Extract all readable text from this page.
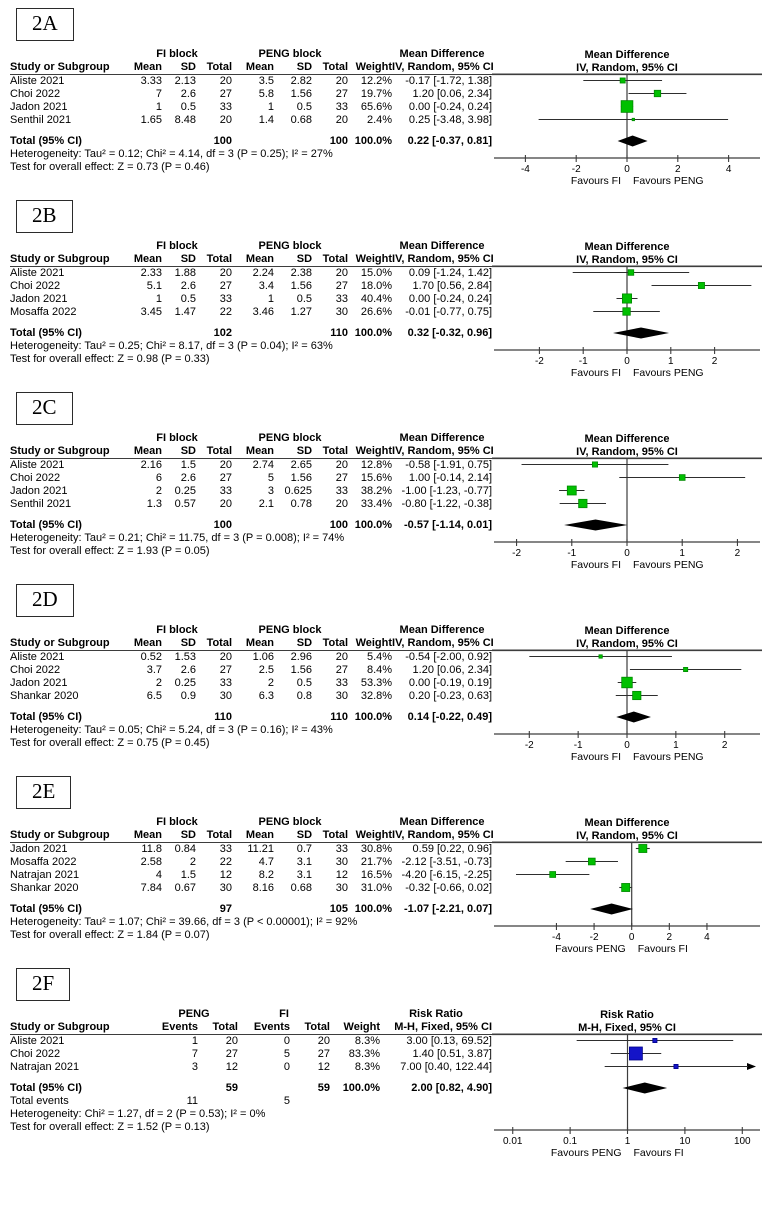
2A
	FI block			PENG block				Mean Difference
Study or Subgroup	Mean	SD	Total	Mean	SD	Total	Weight	IV, Random, 95% CI
Aliste 2021	3.33	2.13	20	3.5	2.82	20	12.2%	-0.17 [-1.72, 1.38]
Choi 2022	7	2.6	27	5.8	1.56	27	19.7%	1.20 [0.06, 2.34]
Jadon 2021	1	0.5	33	1	0.5	33	65.6%	0.00 [-0.24, 0.24]
Senthil 2021	1.65	8.48	20	1.4	0.68	20	2.4%	0.25 [-3.48, 3.98]

Total (95% CI)			100			100	100.0%	0.22 [-0.37, 0.81]
Heterogeneity: Tau² = 0.12; Chi² = 4.14, df = 3 (P = 0.25); I² = 27%
Test for overall effect: Z = 0.73 (P = 0.46)
Mean Difference
IV, Random, 95% CI
-4	-2	0	2	4
Favours FI Favours PENG
2B
	FI block			PENG block				Mean Difference
Study or Subgroup	Mean	SD	Total	Mean	SD	Total	Weight	IV, Random, 95% CI
Aliste 2021	2.33	1.88	20	2.24	2.38	20	15.0%	0.09 [-1.24, 1.42]
Choi 2022	5.1	2.6	27	3.4	1.56	27	18.0%	1.70 [0.56, 2.84]
Jadon 2021	1	0.5	33	1	0.5	33	40.4%	0.00 [-0.24, 0.24]
Mosaffa 2022	3.45	1.47	22	3.46	1.27	30	26.6%	-0.01 [-0.77, 0.75]

Total (95% CI)			102			110	100.0%	0.32 [-0.32, 0.96]
Heterogeneity: Tau² = 0.25; Chi² = 8.17, df = 3 (P = 0.04); I² = 63%
Test for overall effect: Z = 0.98 (P = 0.33)
Mean Difference
IV, Random, 95% CI
-2	-1	0	1	2
Favours FI Favours PENG
2C
	FI block			PENG block				Mean Difference
Study or Subgroup	Mean	SD	Total	Mean	SD	Total	Weight	IV, Random, 95% CI
Aliste 2021	2.16	1.5	20	2.74	2.65	20	12.8%	-0.58 [-1.91, 0.75]
Choi 2022	6	2.6	27	5	1.56	27	15.6%	1.00 [-0.14, 2.14]
Jadon 2021	2	0.25	33	3	0.625	33	38.2%	-1.00 [-1.23, -0.77]
Senthil 2021	1.3	0.57	20	2.1	0.78	20	33.4%	-0.80 [-1.22, -0.38]

Total (95% CI)			100			100	100.0%	-0.57 [-1.14, 0.01]
Heterogeneity: Tau² = 0.21; Chi² = 11.75, df = 3 (P = 0.008); I² = 74%
Test for overall effect: Z = 1.93 (P = 0.05)
Mean Difference
IV, Random, 95% CI
-2	-1	0	1	2
Favours FI Favours PENG
2D
	FI block			PENG block				Mean Difference
Study or Subgroup	Mean	SD	Total	Mean	SD	Total	Weight	IV, Random, 95% CI
Aliste 2021	0.52	1.53	20	1.06	2.96	20	5.4%	-0.54 [-2.00, 0.92]
Choi 2022	3.7	2.6	27	2.5	1.56	27	8.4%	1.20 [0.06, 2.34]
Jadon 2021	2	0.25	33	2	0.5	33	53.3%	0.00 [-0.19, 0.19]
Shankar 2020	6.5	0.9	30	6.3	0.8	30	32.8%	0.20 [-0.23, 0.63]

Total (95% CI)			110			110	100.0%	0.14 [-0.22, 0.49]
Heterogeneity: Tau² = 0.05; Chi² = 5.24, df = 3 (P = 0.16); I² = 43%
Test for overall effect: Z = 0.75 (P = 0.45)
Mean Difference
IV, Random, 95% CI
-2	-1	0	1	2
Favours FI Favours PENG
2E
	FI block			PENG block				Mean Difference
Study or Subgroup	Mean	SD	Total	Mean	SD	Total	Weight	IV, Random, 95% CI
Jadon 2021	11.8	0.84	33	11.21	0.7	33	30.8%	0.59 [0.22, 0.96]
Mosaffa 2022	2.58	2	22	4.7	3.1	30	21.7%	-2.12 [-3.51, -0.73]
Natrajan 2021	4	1.5	12	8.2	3.1	12	16.5%	-4.20 [-6.15, -2.25]
Shankar 2020	7.84	0.67	30	8.16	0.68	30	31.0%	-0.32 [-0.66, 0.02]

Total (95% CI)			97			105	100.0%	-1.07 [-2.21, 0.07]
Heterogeneity: Tau² = 1.07; Chi² = 39.66, df = 3 (P < 0.00001); I² = 92%
Test for overall effect: Z = 1.84 (P = 0.07)
Mean Difference
IV, Random, 95% CI
-4	-2	0	2	4
Favours PENG Favours FI
2F
	PENG		FI			Risk Ratio
Study or Subgroup	Events	Total	Events	Total	Weight	M-H, Fixed, 95% CI
Aliste 2021	1	20	0	20	8.3%	3.00 [0.13, 69.52]
Choi 2022	7	27	5	27	83.3%	1.40 [0.51, 3.87]
Natrajan 2021	3	12	0	12	8.3%	7.00 [0.40, 122.44]

Total (95% CI)		59		59	100.0%	2.00 [0.82, 4.90]
Total events	11		5			
Heterogeneity: Chi² = 1.27, df = 2 (P = 0.53); I² = 0%
Test for overall effect: Z = 1.52 (P = 0.13)
Risk Ratio
M-H, Fixed, 95% CI
0.01	0.1	1	10	100
Favours PENG Favours FI
